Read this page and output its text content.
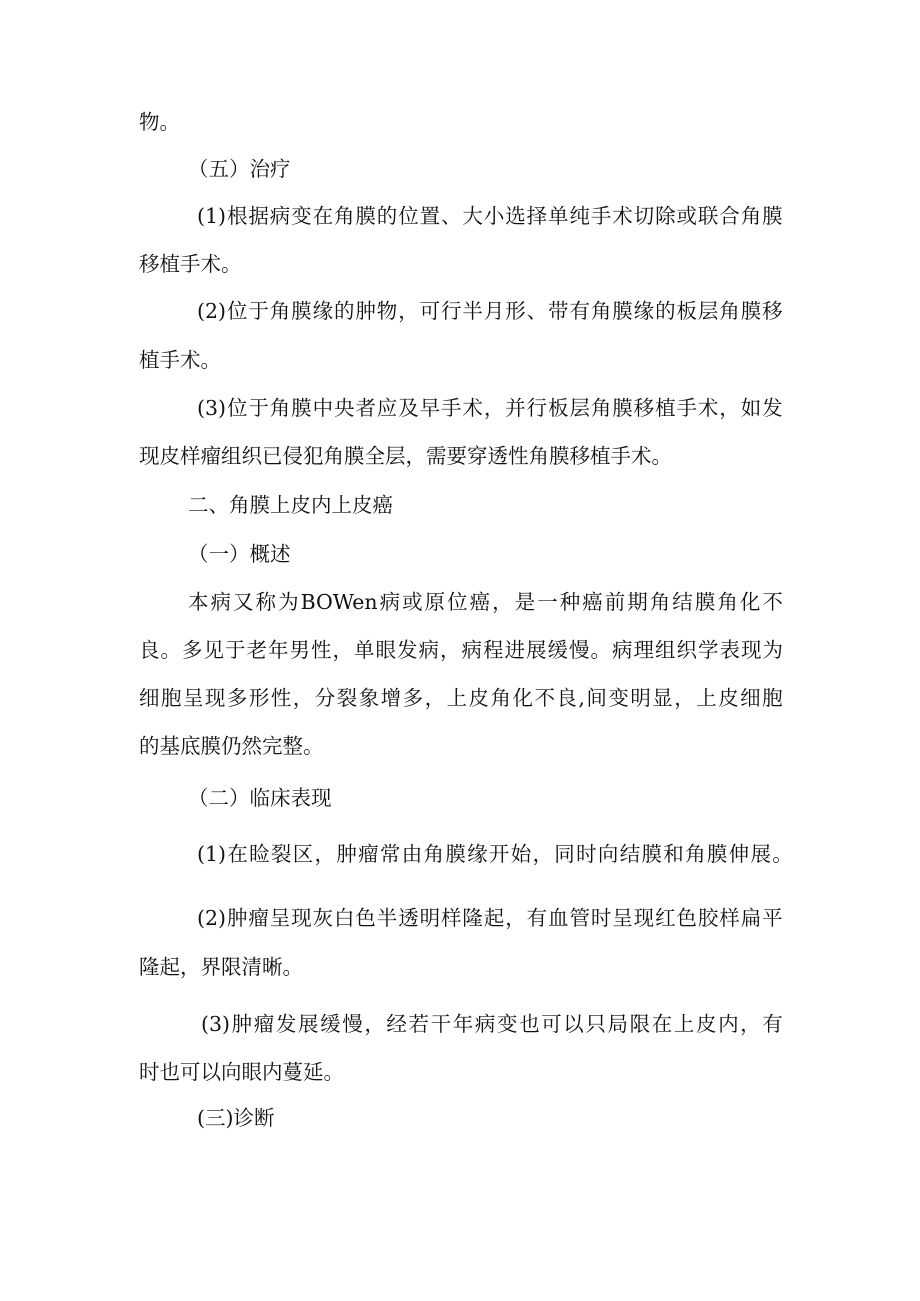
物。

（五）治疗

(1) 根 据 病 变 在 角 膜 的 位 置 、 大 小 选 择 单 纯 手 术 切 除 或 联 合 角 膜

移植手术。

(2) 位 于 角 膜 缘 的 肿 物 ， 可 行 半 月 形 、 带 有 角 膜 缘 的 板 层 角 膜 移

植手术。

(3) 位 于 角 膜 中 央 者 应 及 早 手 术 ， 并 行 板 层 角 膜 移 植 手 术 ， 如 发

现皮样瘤组织已侵犯角膜全层，需要穿透性角膜移植手术。

二、角膜上皮内上皮癌

（一）概述

本 病 又 称 为 BOWen 病 或 原 位 癌 ， 是 一 种 癌 前 期 角 结 膜 角 化 不

良 。 多 见 于 老 年 男 性 ， 单 眼 发 病 ， 病 程 进 展 缓 慢 。 病 理 组 织 学 表 现 为

细 胞 呈 现 多 形 性 ， 分 裂 象 增 多 ， 上 皮 角 化 不 良 , 间 变 明 显 ， 上 皮 细 胞

的基底膜仍然完整。

（二）临床表现

(1) 在 睑 裂 区 ， 肿 瘤 常 由 角 膜 缘 开 始 ， 同 时 向 结 膜 和 角 膜 伸 展 。

(2) 肿 瘤 呈 现 灰 白 色 半 透 明 样 隆 起 ， 有 血 管 时 呈 现 红 色 胶 样 扁 平

隆起，界限清晰。

(3) 肿 瘤 发 展 缓 慢 ， 经 若 干 年 病 变 也 可 以 只 局 限 在 上 皮 内 ， 有

时也可以向眼内蔓延。

(三)诊断
